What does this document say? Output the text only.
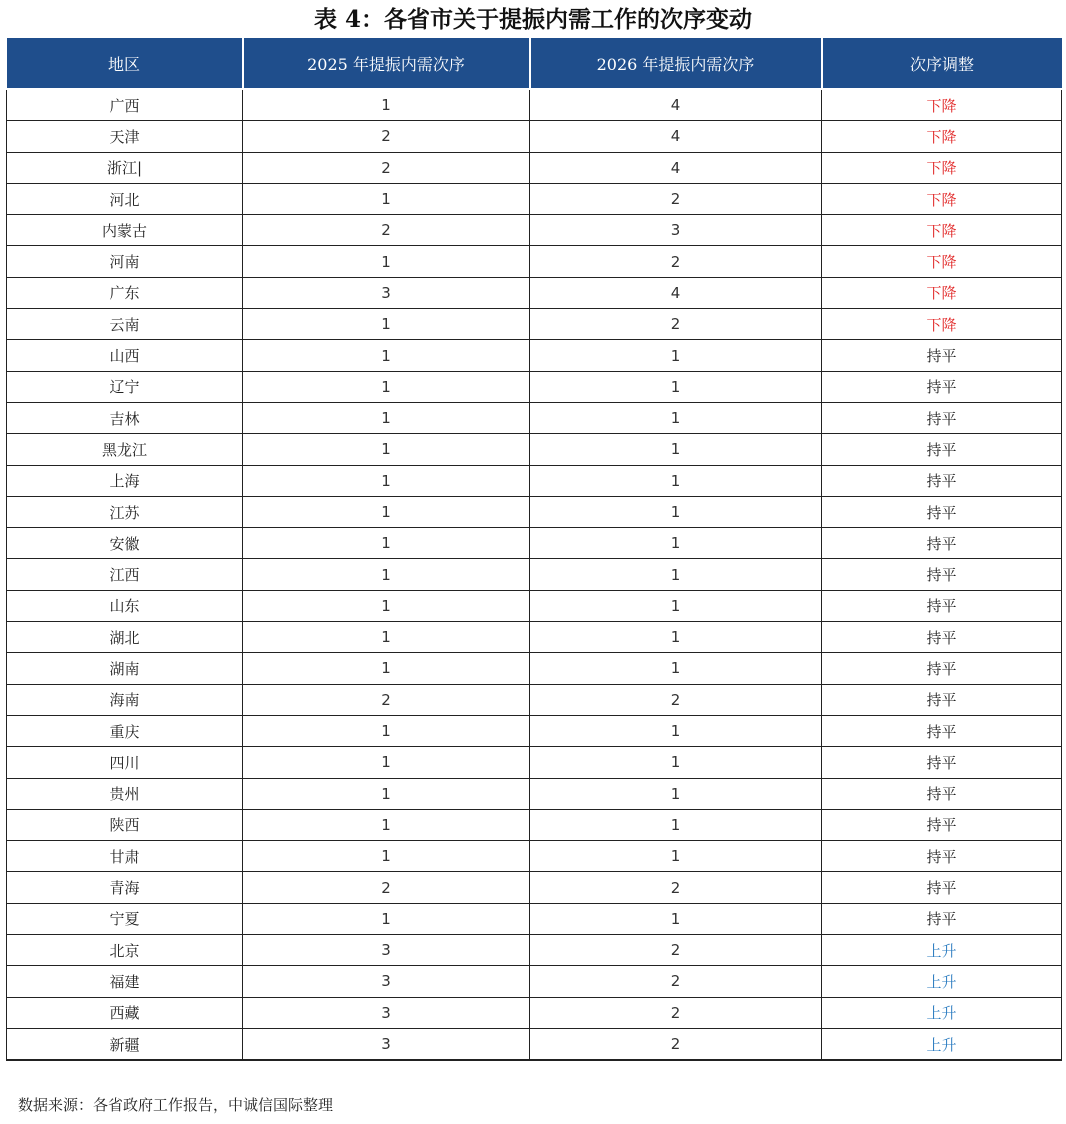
表 4：各省市关于提振内需工作的次序变动
地区	2025 年提振内需次序	2026 年提振内需次序	次序调整
广西	1	4	下降
天津	2	4	下降
浙江|	2	4	下降
河北	1	2	下降
内蒙古	2	3	下降
河南	1	2	下降
广东	3	4	下降
云南	1	2	下降
山西	1	1	持平
辽宁	1	1	持平
吉林	1	1	持平
黑龙江	1	1	持平
上海	1	1	持平
江苏	1	1	持平
安徽	1	1	持平
江西	1	1	持平
山东	1	1	持平
湖北	1	1	持平
湖南	1	1	持平
海南	2	2	持平
重庆	1	1	持平
四川	1	1	持平
贵州	1	1	持平
陕西	1	1	持平
甘肃	1	1	持平
青海	2	2	持平
宁夏	1	1	持平
北京	3	2	上升
福建	3	2	上升
西藏	3	2	上升
新疆	3	2	上升
数据来源：各省政府工作报告，中诚信国际整理
